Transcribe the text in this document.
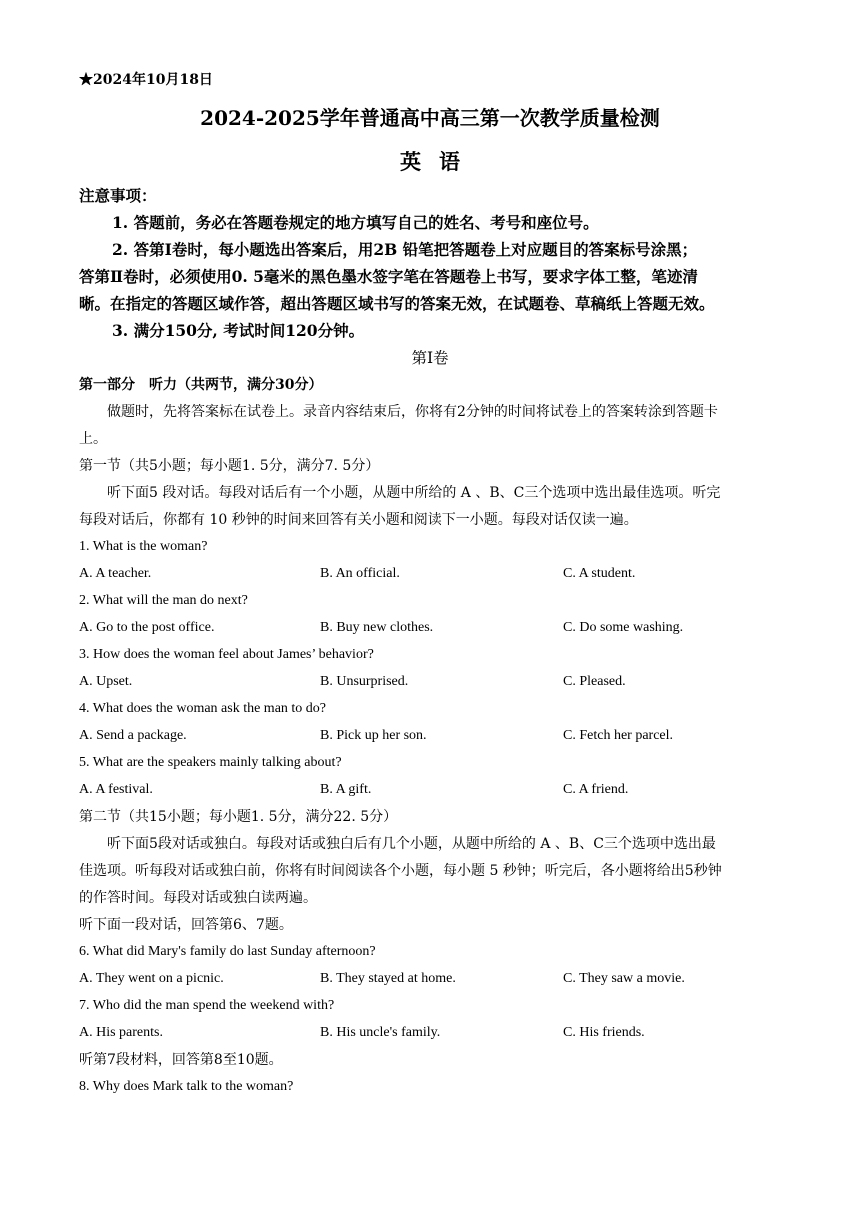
★2024年10月18日
2024-2025学年普通高中高三第一次教学质量检测
英语
注意事项：
1. 答题前，务必在答题卷规定的地方填写自己的姓名、考号和座位号。
2. 答第Ⅰ卷时，每小题选出答案后，用2B 铅笔把答题卷上对应题目的答案标号涂黑；
答第Ⅱ卷时，必须使用0. 5毫米的黑色墨水签字笔在答题卷上书写，要求字体工整，笔迹清
晰。在指定的答题区域作答，超出答题区域书写的答案无效，在试题卷、草稿纸上答题无效。
3. 满分150分, 考试时间120分钟。
第Ⅰ卷
第一部分　听力（共两节，满分30分）
做题时，先将答案标在试卷上。录音内容结束后，你将有2分钟的时间将试卷上的答案转涂到答题卡
上。
第一节（共5小题；每小题1. 5分，满分7. 5分）
听下面5 段对话。每段对话后有一个小题，从题中所给的 A 、B、C三个选项中选出最佳选项。听完
每段对话后，你都有 10 秒钟的时间来回答有关小题和阅读下一小题。每段对话仅读一遍。
1. What is the woman?
A. A teacher.	B. An official.	C. A student.
2. What will the man do next?
A. Go to the post office.	B. Buy new clothes.	C. Do some washing.
3. How does the woman feel about James’ behavior?
A. Upset.	B. Unsurprised.	C. Pleased.
4. What does the woman ask the man to do?
A. Send a package.	B. Pick up her son.	C. Fetch her parcel.
5. What are the speakers mainly talking about?
A. A festival.	B. A gift.	C. A friend.
第二节（共15小题；每小题1. 5分，满分22. 5分）
听下面5段对话或独白。每段对话或独白后有几个小题，从题中所给的 A 、B、C三个选项中选出最
佳选项。听每段对话或独白前，你将有时间阅读各个小题，每小题 5 秒钟；听完后，各小题将给出5秒钟
的作答时间。每段对话或独白读两遍。
听下面一段对话，回答第6、7题。
6. What did Mary's family do last Sunday afternoon?
A. They went on a picnic.	B. They stayed at home.	C. They saw a movie.
7. Who did the man spend the weekend with?
A. His parents.	B. His uncle's family.	C. His friends.
听第7段材料，回答第8至10题。
8. Why does Mark talk to the woman?
